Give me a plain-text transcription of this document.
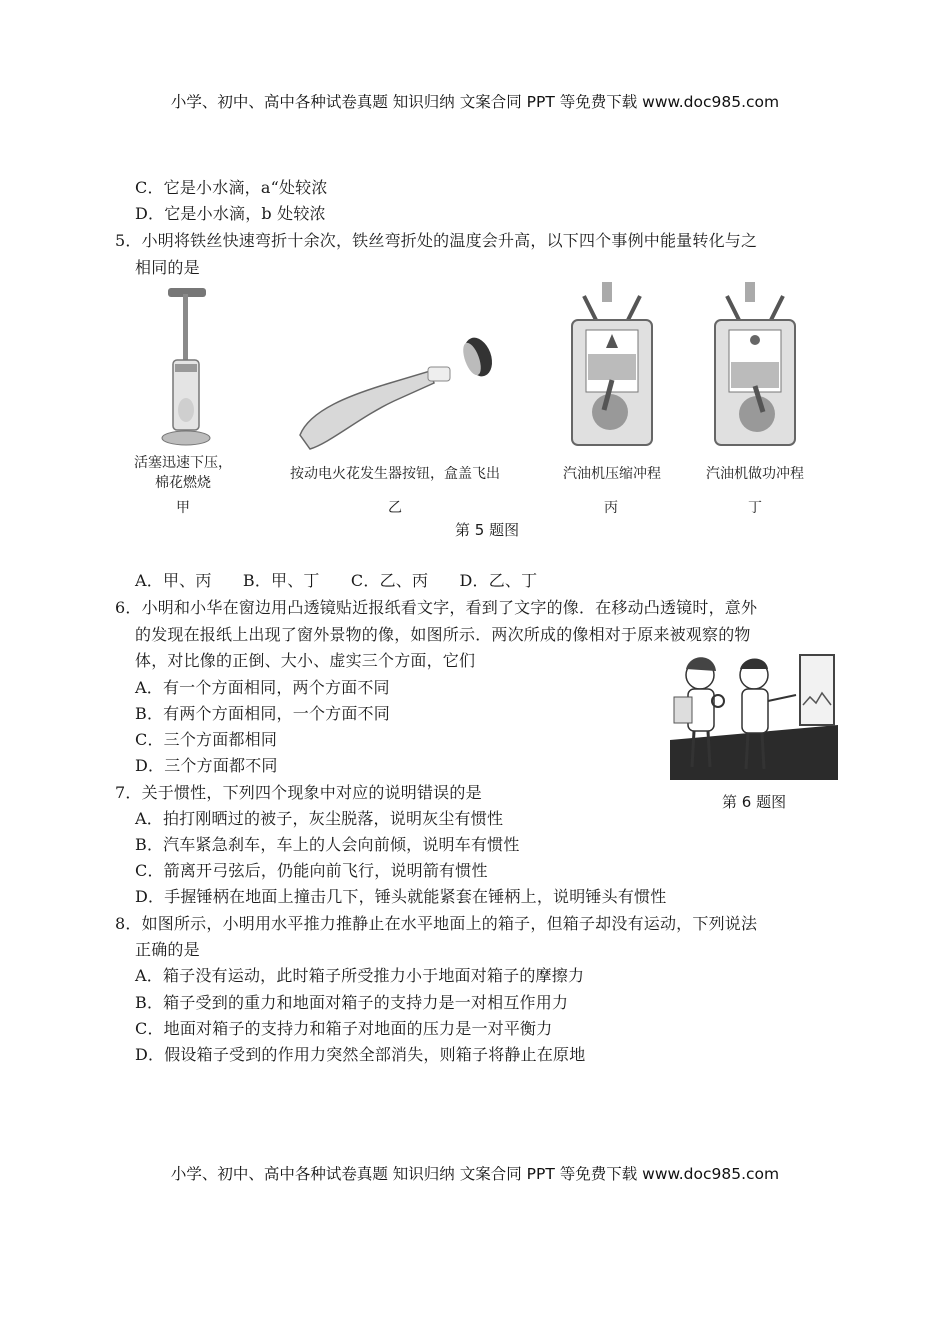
小学、初中、高中各种试卷真题 知识归纳 文案合同 PPT 等免费下载 www.doc985.com
C．它是小水滴，a“处较浓
D．它是小水滴，b 处较浓
5．小明将铁丝快速弯折十余次，铁丝弯折处的温度会升高，以下四个事例中能量转化与之
相同的是
活塞迅速下压，
棉花燃烧
甲
按动电火花发生器按钮，盒盖飞出
乙
汽油机压缩冲程
丙
汽油机做功冲程
丁
第 5 题图
A．甲、丙 B．甲、丁 C．乙、丙 D．乙、丁
6．小明和小华在窗边用凸透镜贴近报纸看文字，看到了文字的像．在移动凸透镜时，意外
的发现在报纸上出现了窗外景物的像，如图所示．两次所成的像相对于原来被观察的物
体，对比像的正倒、大小、虚实三个方面，它们
A．有一个方面相同，两个方面不同
B．有两个方面相同，一个方面不同
C．三个方面都相同
D．三个方面都不同
第 6 题图
7．关于惯性，下列四个现象中对应的说明错误的是
A．拍打刚晒过的被子，灰尘脱落，说明灰尘有惯性
B．汽车紧急刹车，车上的人会向前倾，说明车有惯性
C．箭离开弓弦后，仍能向前飞行，说明箭有惯性
D．手握锤柄在地面上撞击几下，锤头就能紧套在锤柄上，说明锤头有惯性
8．如图所示，小明用水平推力推静止在水平地面上的箱子，但箱子却没有运动，下列说法
正确的是
A．箱子没有运动，此时箱子所受推力小于地面对箱子的摩擦力
B．箱子受到的重力和地面对箱子的支持力是一对相互作用力
C．地面对箱子的支持力和箱子对地面的压力是一对平衡力
D．假设箱子受到的作用力突然全部消失，则箱子将静止在原地
小学、初中、高中各种试卷真题 知识归纳 文案合同 PPT 等免费下载 www.doc985.com
